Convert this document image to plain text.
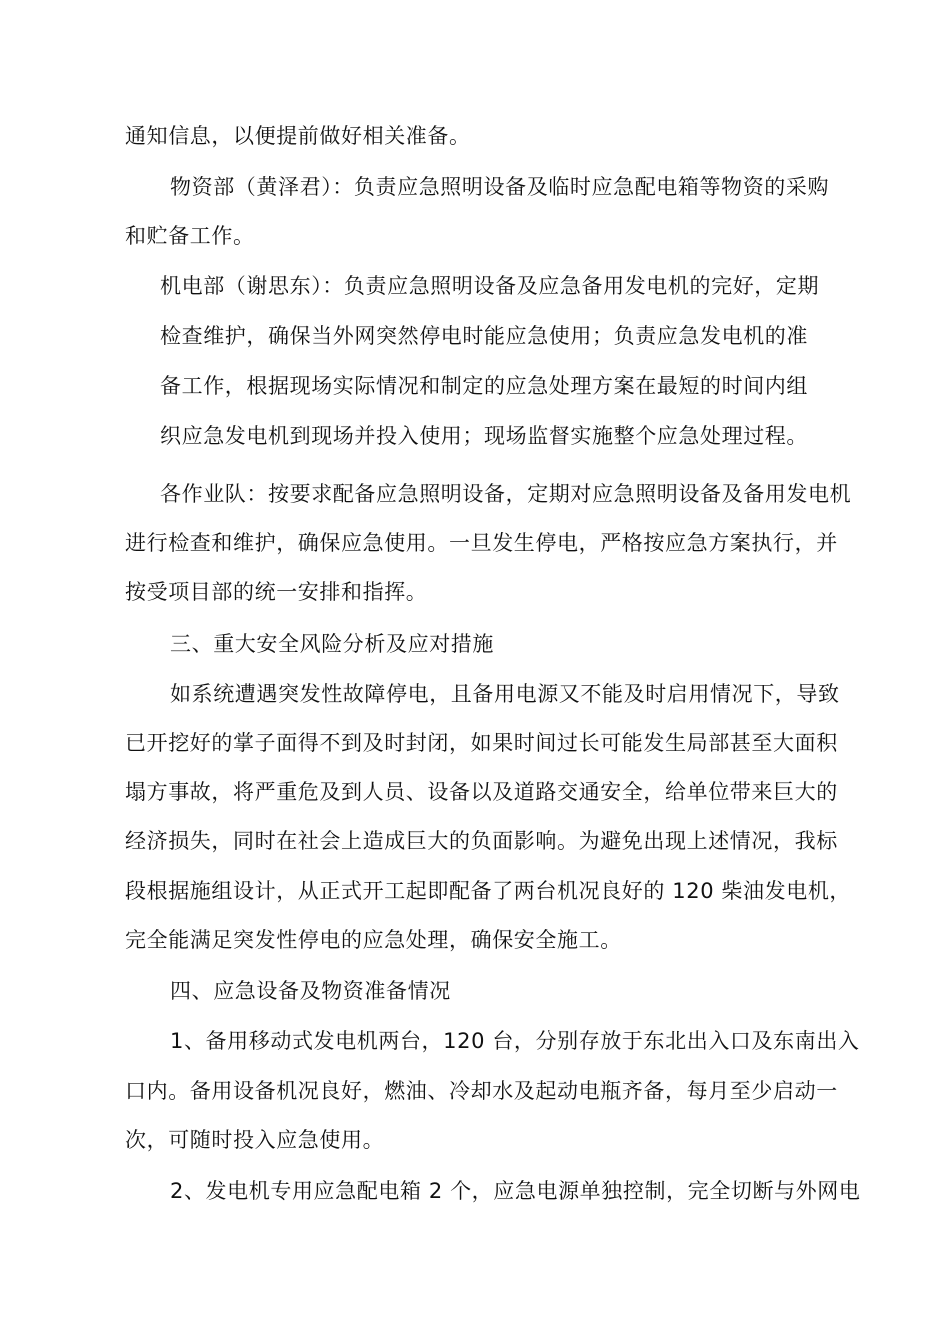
通知信息，以便提前做好相关准备。
物资部（黄泽君）：负责应急照明设备及临时应急配电箱等物资的采购
和贮备工作。
机电部（谢思东）：负责应急照明设备及应急备用发电机的完好，定期
检查维护，确保当外网突然停电时能应急使用；负责应急发电机的准
备工作，根据现场实际情况和制定的应急处理方案在最短的时间内组
织应急发电机到现场并投入使用；现场监督实施整个应急处理过程。
各作业队：按要求配备应急照明设备，定期对应急照明设备及备用发电机
进行检查和维护，确保应急使用。一旦发生停电，严格按应急方案执行，并
按受项目部的统一安排和指挥。
三、重大安全风险分析及应对措施
如系统遭遇突发性故障停电，且备用电源又不能及时启用情况下，导致
已开挖好的掌子面得不到及时封闭，如果时间过长可能发生局部甚至大面积
塌方事故，将严重危及到人员、设备以及道路交通安全，给单位带来巨大的
经济损失，同时在社会上造成巨大的负面影响。为避免出现上述情况，我标
段根据施组设计，从正式开工起即配备了两台机况良好的 120 柴油发电机，
完全能满足突发性停电的应急处理，确保安全施工。
四、应急设备及物资准备情况
1、备用移动式发电机两台，120 台，分别存放于东北出入口及东南出入
口内。备用设备机况良好，燃油、冷却水及起动电瓶齐备，每月至少启动一
次，可随时投入应急使用。
2、发电机专用应急配电箱 2 个，应急电源单独控制，完全切断与外网电
